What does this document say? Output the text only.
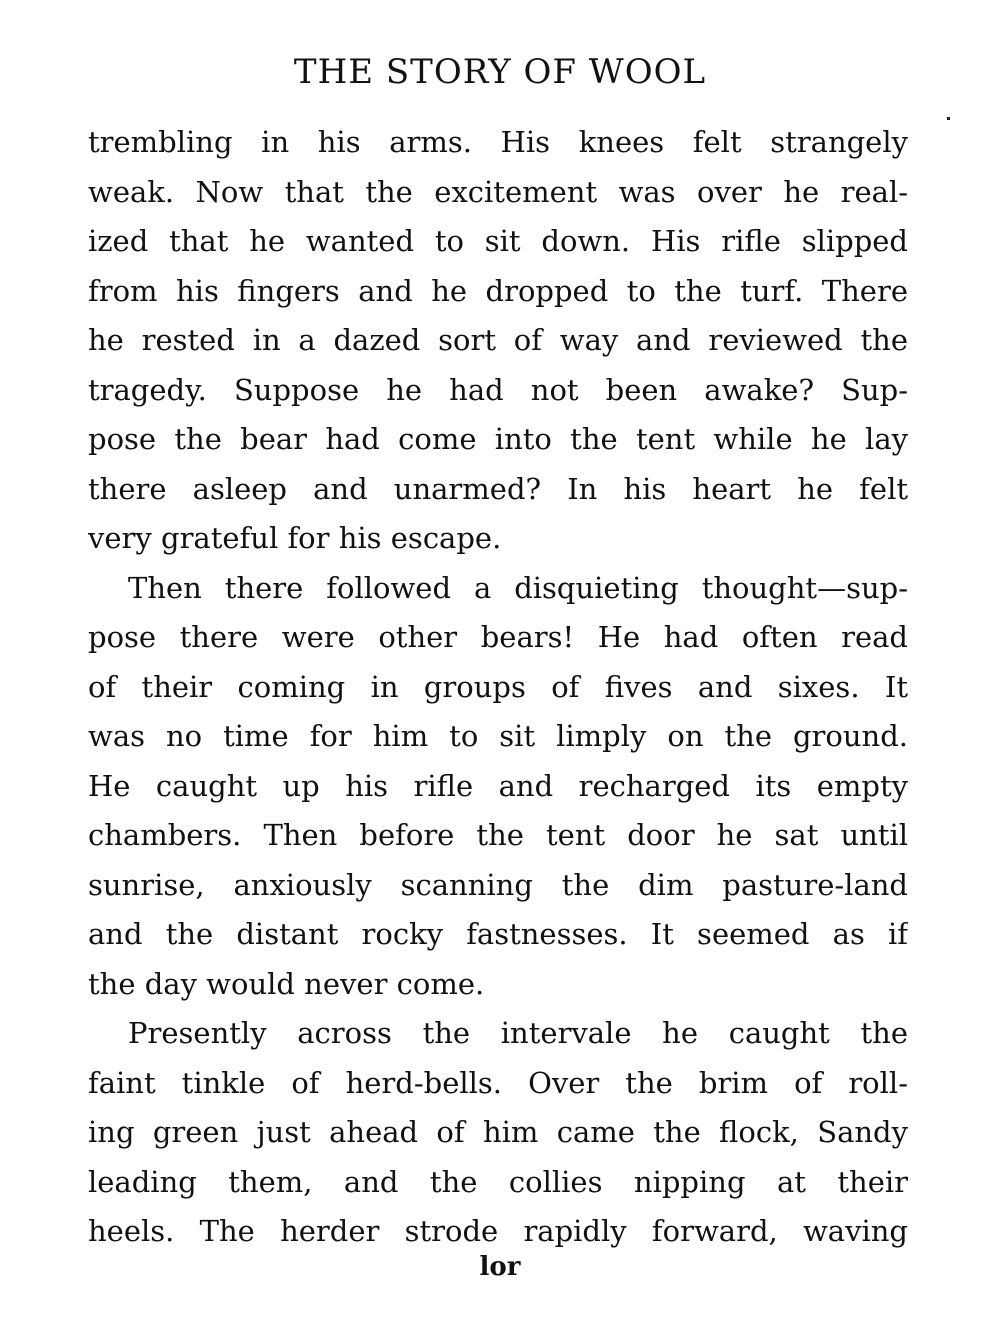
THE STORY OF WOOL
trembling in his arms. His knees felt strangely
weak. Now that the excitement was over he real-
ized that he wanted to sit down. His rifle slipped
from his fingers and he dropped to the turf. There
he rested in a dazed sort of way and reviewed the
tragedy. Suppose he had not been awake? Sup-
pose the bear had come into the tent while he lay
there asleep and unarmed? In his heart he felt
very grateful for his escape.
Then there followed a disquieting thought—sup-
pose there were other bears! He had often read
of their coming in groups of fives and sixes. It
was no time for him to sit limply on the ground.
He caught up his rifle and recharged its empty
chambers. Then before the tent door he sat until
sunrise, anxiously scanning the dim pasture-land
and the distant rocky fastnesses. It seemed as if
the day would never come.
Presently across the intervale he caught the
faint tinkle of herd-bells. Over the brim of roll-
ing green just ahead of him came the flock, Sandy
leading them, and the collies nipping at their
heels. The herder strode rapidly forward, waving
lor
